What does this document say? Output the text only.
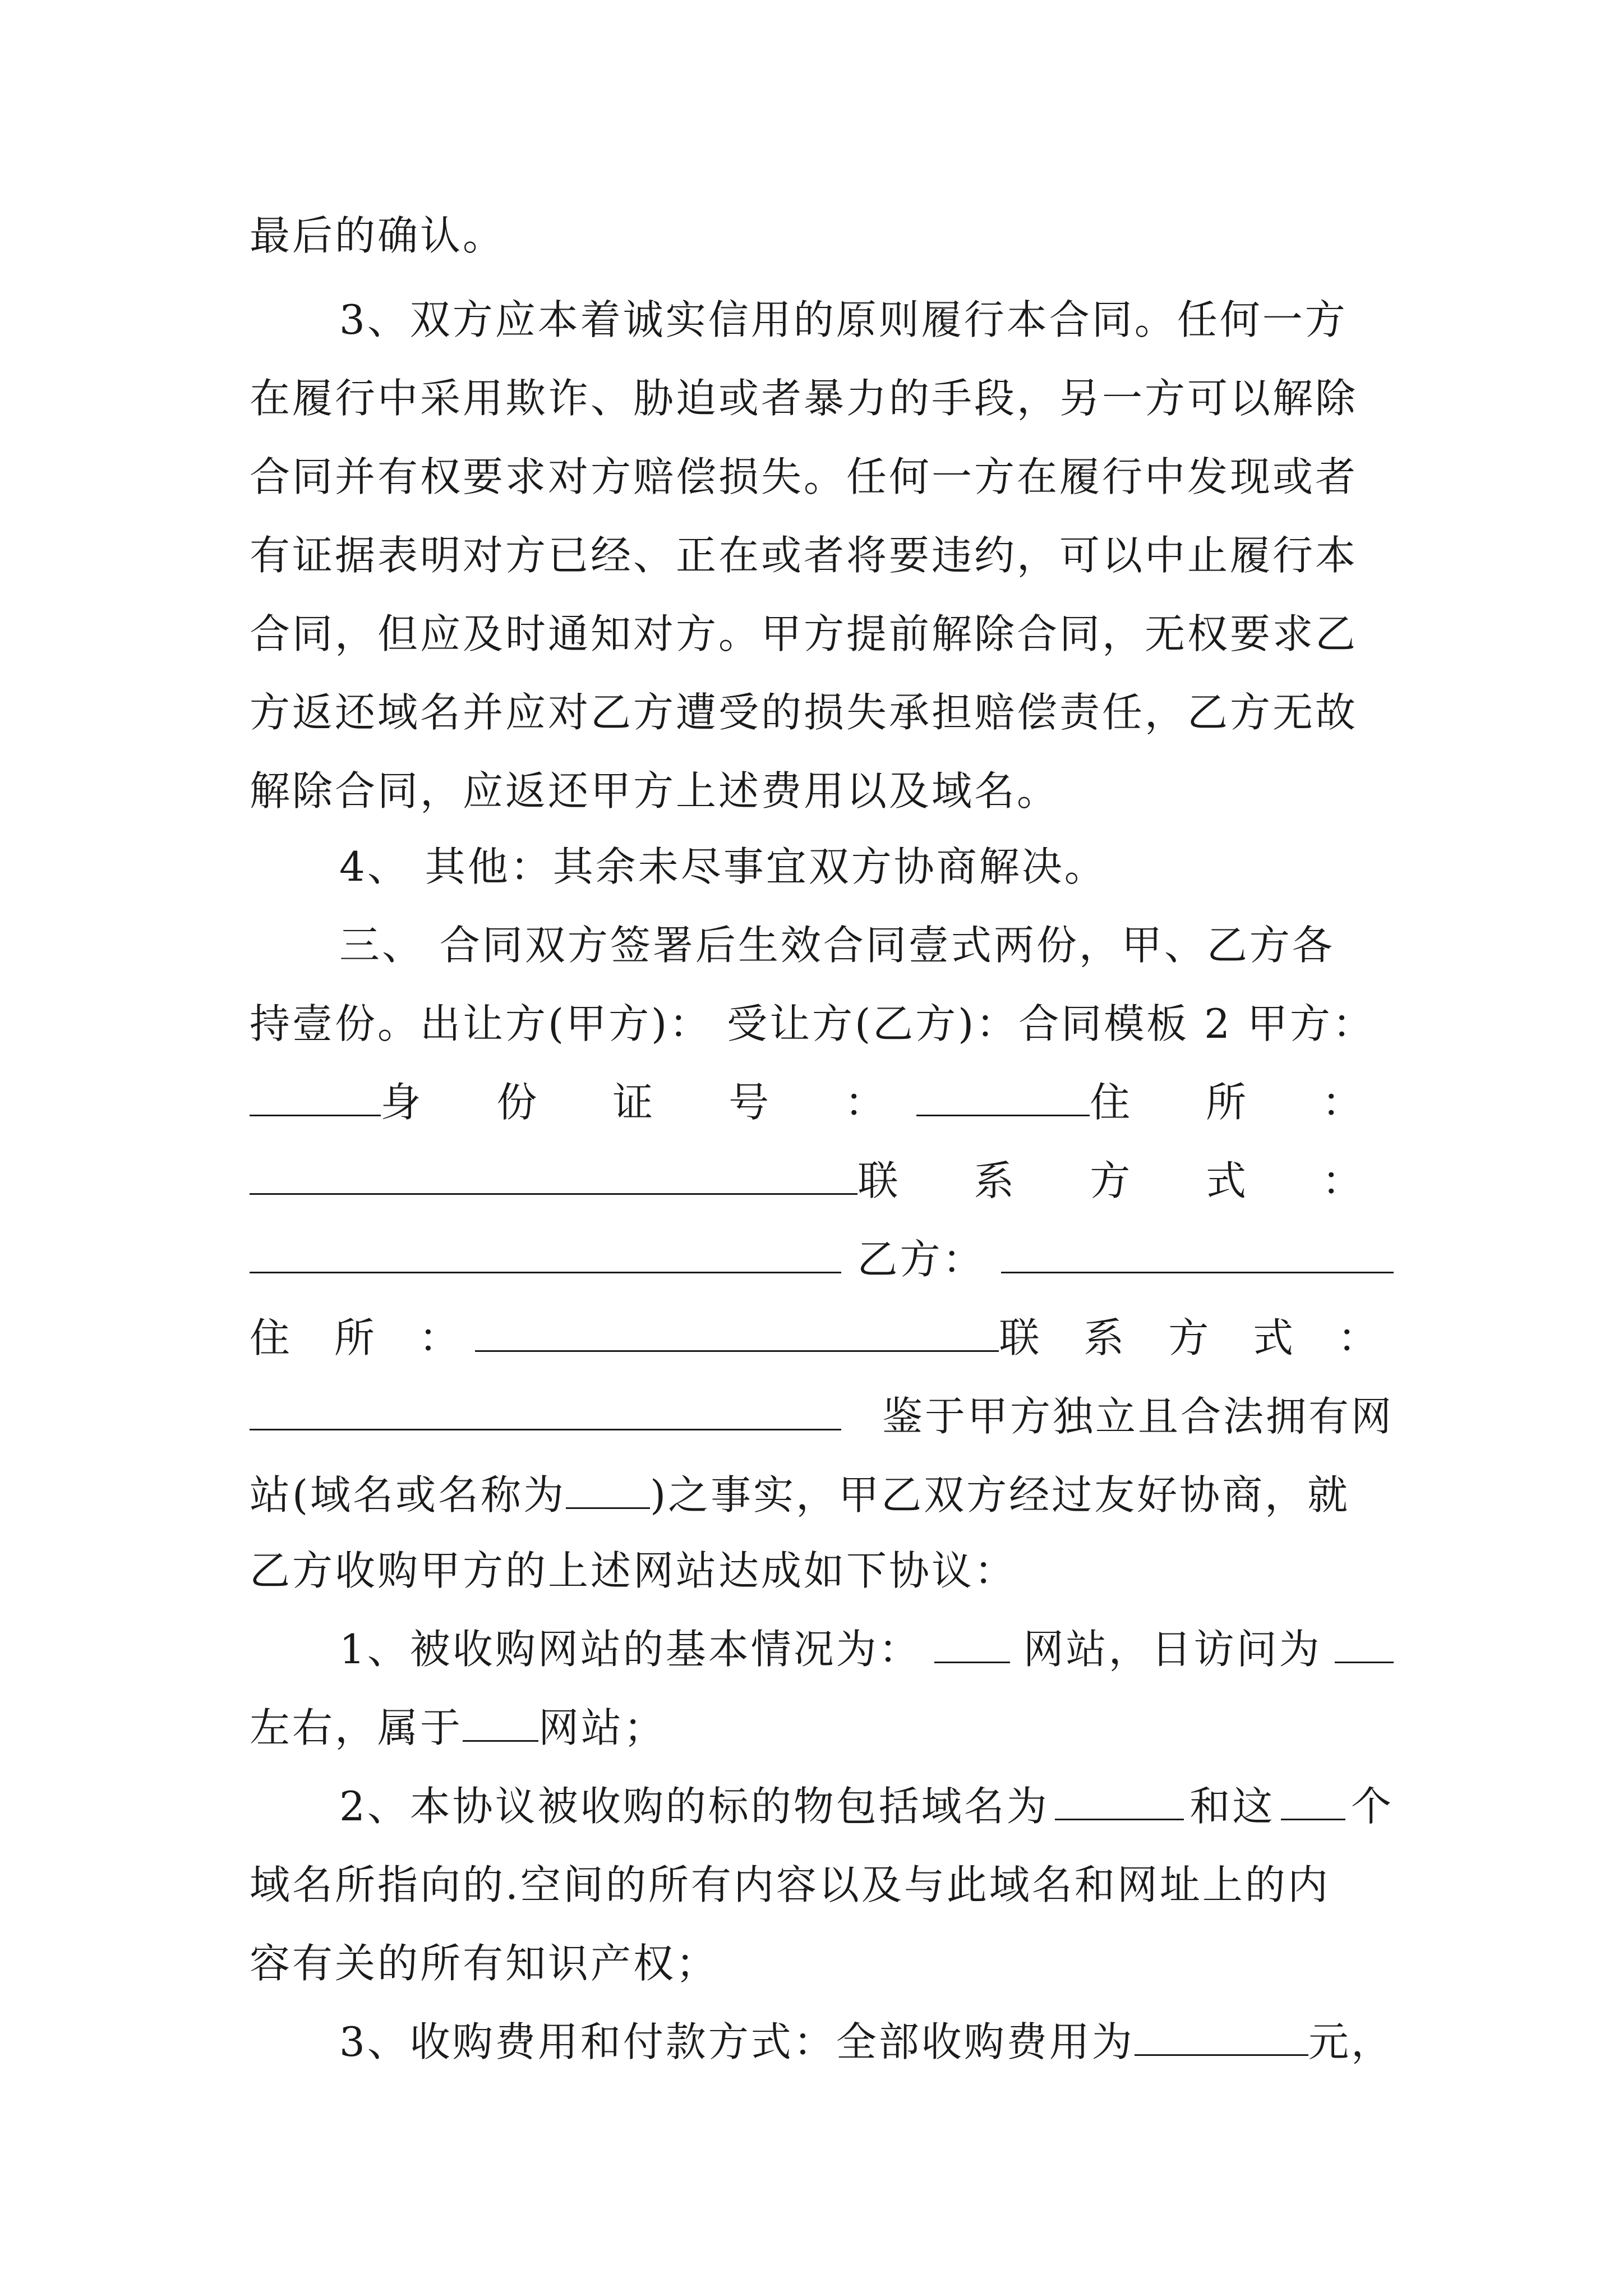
最后的确认。
3、双方应本着诚实信用的原则履行本合同。任何一方
在履行中采用欺诈、胁迫或者暴力的手段，另一方可以解除
合同并有权要求对方赔偿损失。任何一方在履行中发现或者
有证据表明对方已经、正在或者将要违约，可以中止履行本
合同，但应及时通知对方。甲方提前解除合同，无权要求乙
方返还域名并应对乙方遭受的损失承担赔偿责任，乙方无故
解除合同，应返还甲方上述费用以及域名。
4、 其他：其余未尽事宜双方协商解决。
三、 合同双方签署后生效合同壹式两份，甲、乙方各
持壹份。出让方(甲方)： 受让方(乙方)：合同模板 2 甲方：
身 份 证 号 ：	住 所 ：
联 系 方 式 ：
乙方：
住 所 ：	联 系 方 式 ：
鉴于甲方独立且合法拥有网
站(域名或名称为 )之事实，甲乙双方经过友好协商，就
乙方收购甲方的上述网站达成如下协议：
1、被收购网站的基本情况为：	网站，日访问为
左右，属于 网站；
2、本协议被收购的标的物包括域名为	和这 个
域名所指向的.空间的所有内容以及与此域名和网址上的内
容有关的所有知识产权；
3、收购费用和付款方式：全部收购费用为	元，
